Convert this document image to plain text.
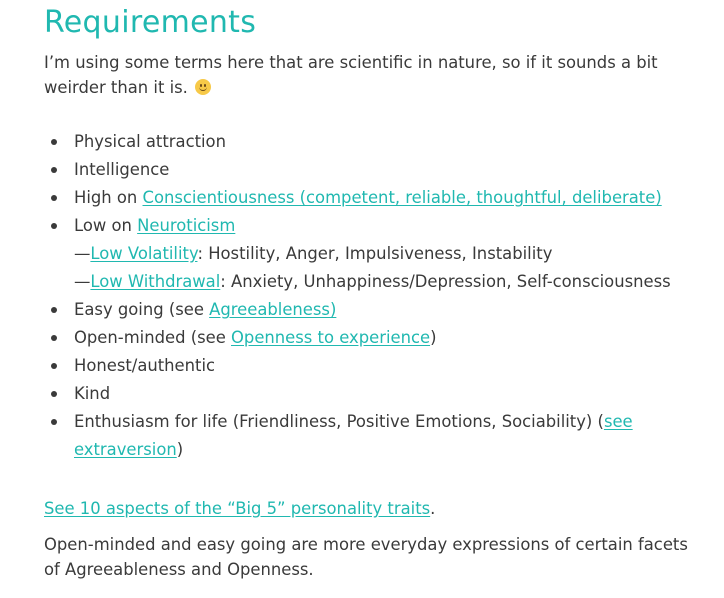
Requirements

I’m using some terms here that are scientific in nature, so if it sounds a bit weirder than it is.

Physical attraction
Intelligence
High on Conscientiousness (competent, reliable, thoughtful, deliberate)
Low on Neuroticism
—Low Volatility: Hostility, Anger, Impulsiveness, Instability
—Low Withdrawal: Anxiety, Unhappiness/Depression, Self-consciousness
Easy going (see Agreeableness)
Open-minded (see Openness to experience)
Honest/authentic
Kind
Enthusiasm for life (Friendliness, Positive Emotions, Sociability) (see extraversion)

See 10 aspects of the “Big 5” personality traits.

Open-minded and easy going are more everyday expressions of certain facets of Agreeableness and Openness.
